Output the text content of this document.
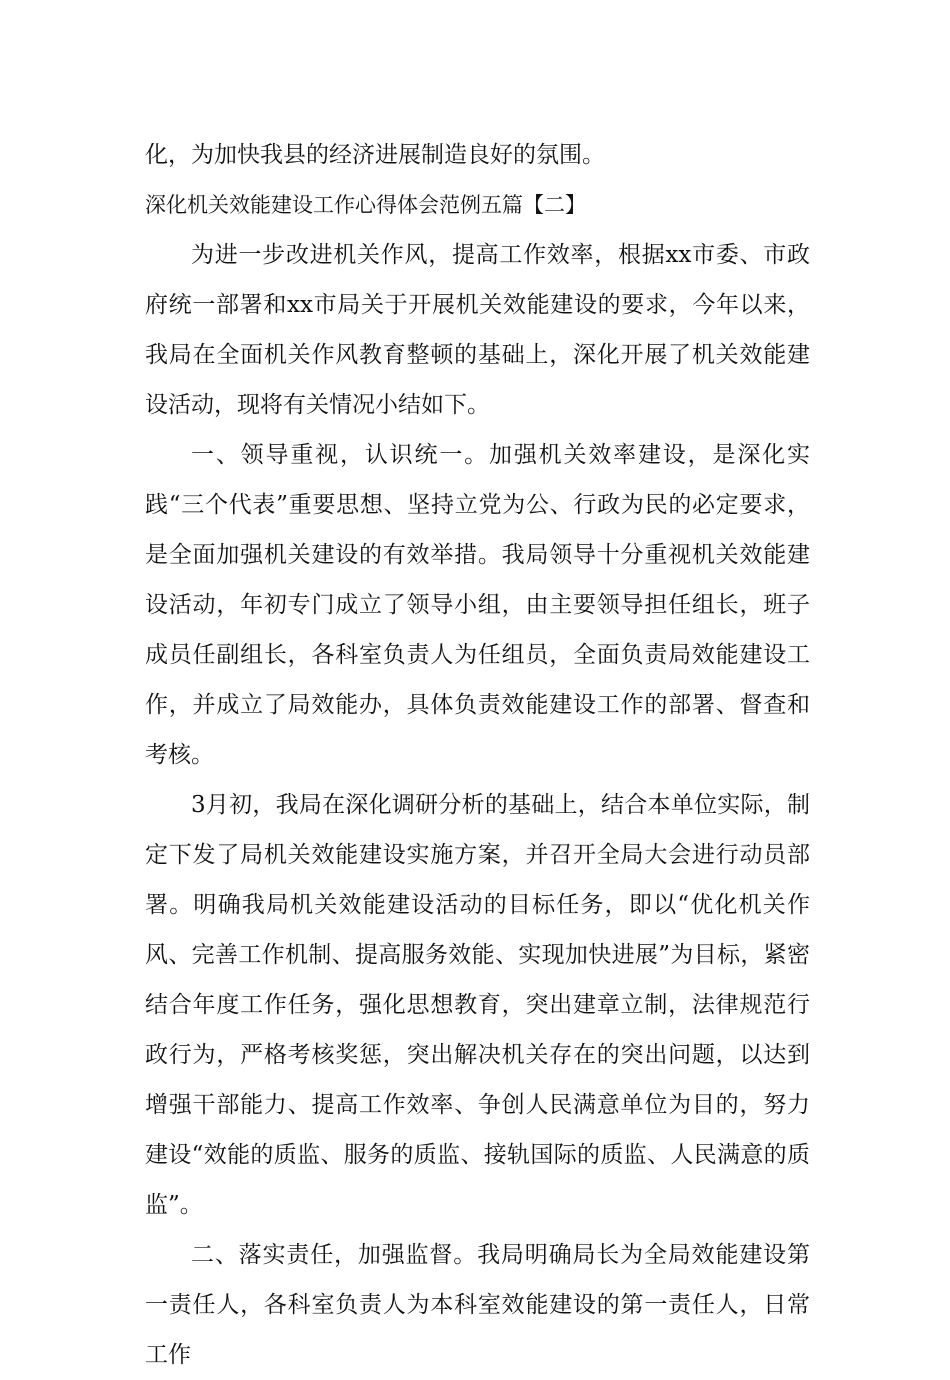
化，为加快我县的经济进展制造良好的氛围。

深化机关效能建设工作心得体会范例五篇【二】

为进一步改进机关作风，提高工作效率，根据xx市委、市政府统一部署和xx市局关于开展机关效能建设的要求，今年以来，我局在全面机关作风教育整顿的基础上，深化开展了机关效能建设活动，现将有关情况小结如下。

一、领导重视，认识统一。加强机关效率建设，是深化实践“三个代表”重要思想、坚持立党为公、行政为民的必定要求，是全面加强机关建设的有效举措。我局领导十分重视机关效能建设活动，年初专门成立了领导小组，由主要领导担任组长，班子成员任副组长，各科室负责人为任组员，全面负责局效能建设工作，并成立了局效能办，具体负责效能建设工作的部署、督查和考核。

3月初，我局在深化调研分析的基础上，结合本单位实际，制定下发了局机关效能建设实施方案，并召开全局大会进行动员部署。明确我局机关效能建设活动的目标任务，即以“优化机关作风、完善工作机制、提高服务效能、实现加快进展”为目标，紧密结合年度工作任务，强化思想教育，突出建章立制，法律规范行政行为，严格考核奖惩，突出解决机关存在的突出问题，以达到增强干部能力、提高工作效率、争创人民满意单位为目的，努力建设“效能的质监、服务的质监、接轨国际的质监、人民满意的质监”。

二、落实责任，加强监督。我局明确局长为全局效能建设第一责任人，各科室负责人为本科室效能建设的第一责任人，日常工作
